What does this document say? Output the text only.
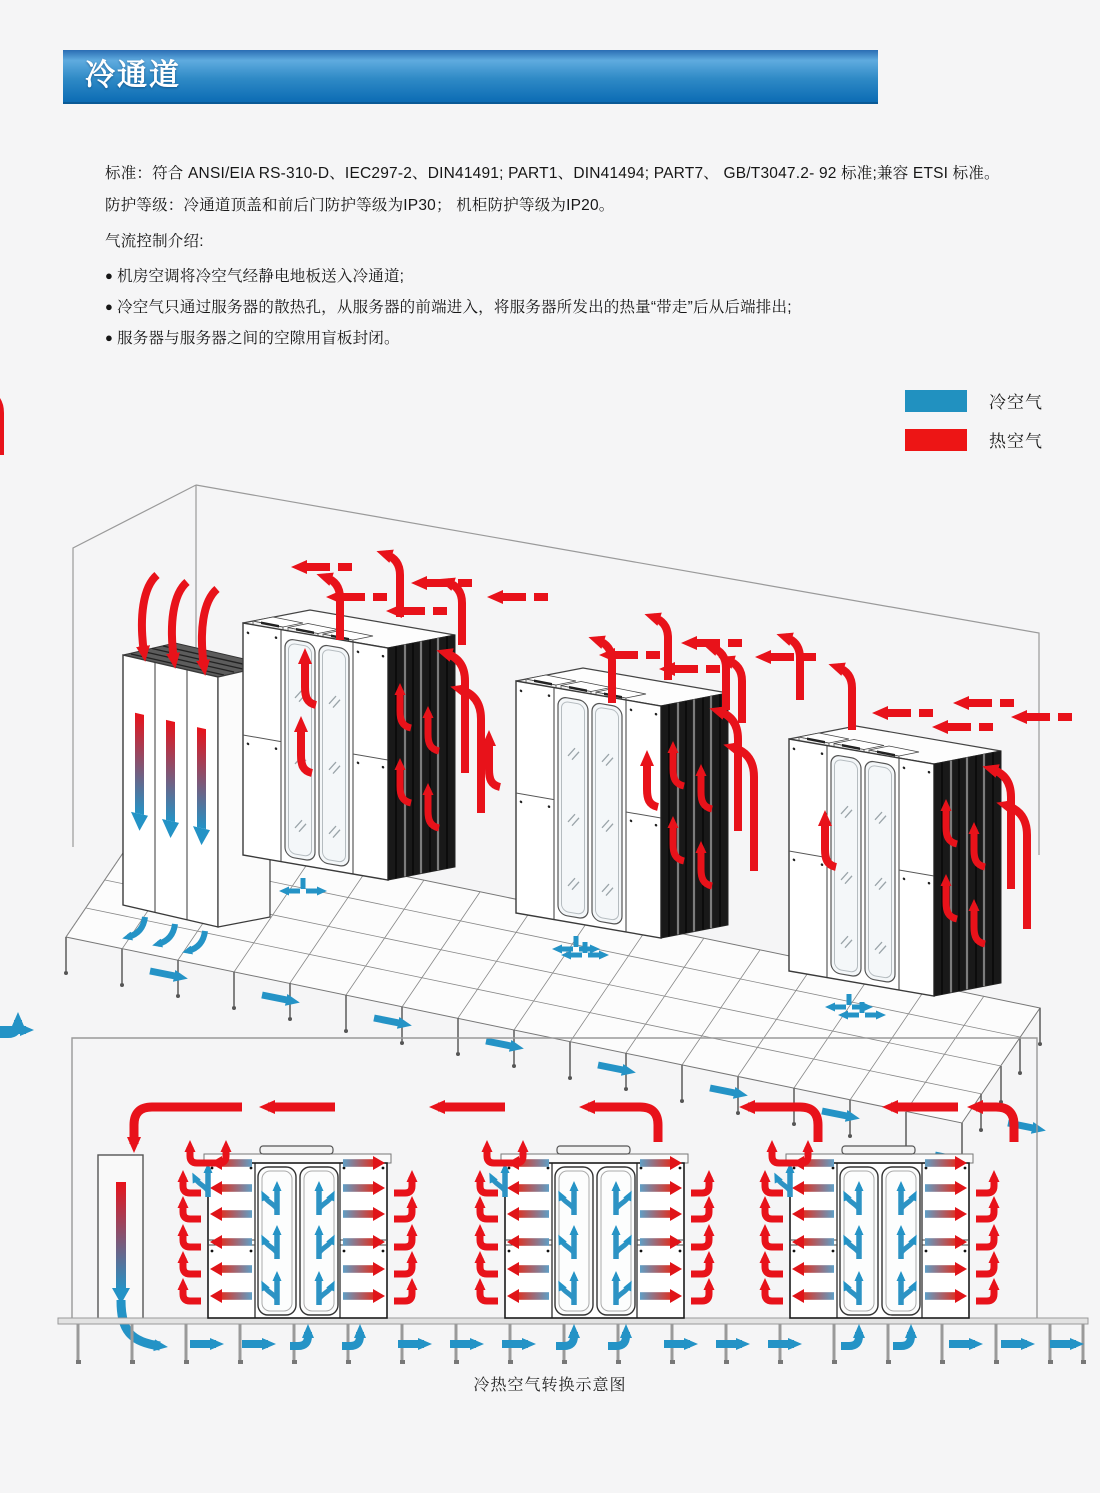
冷通道
标准：符合 ANSI/EIA RS-310-D、IEC297-2、DIN41491; PART1、DIN41494; PART7、 GB/T3047.2- 92 标准;兼容 ETSI 标准。
防护等级：冷通道顶盖和前后门防护等级为IP30； 机柜防护等级为IP20。
气流控制介绍:
● 机房空调将冷空气经静电地板送入冷通道;
● 冷空气只通过服务器的散热孔，从服务器的前端进入，将服务器所发出的热量“带走”后从后端排出;
● 服务器与服务器之间的空隙用盲板封闭。
冷空气
热空气
冷热空气转换示意图
